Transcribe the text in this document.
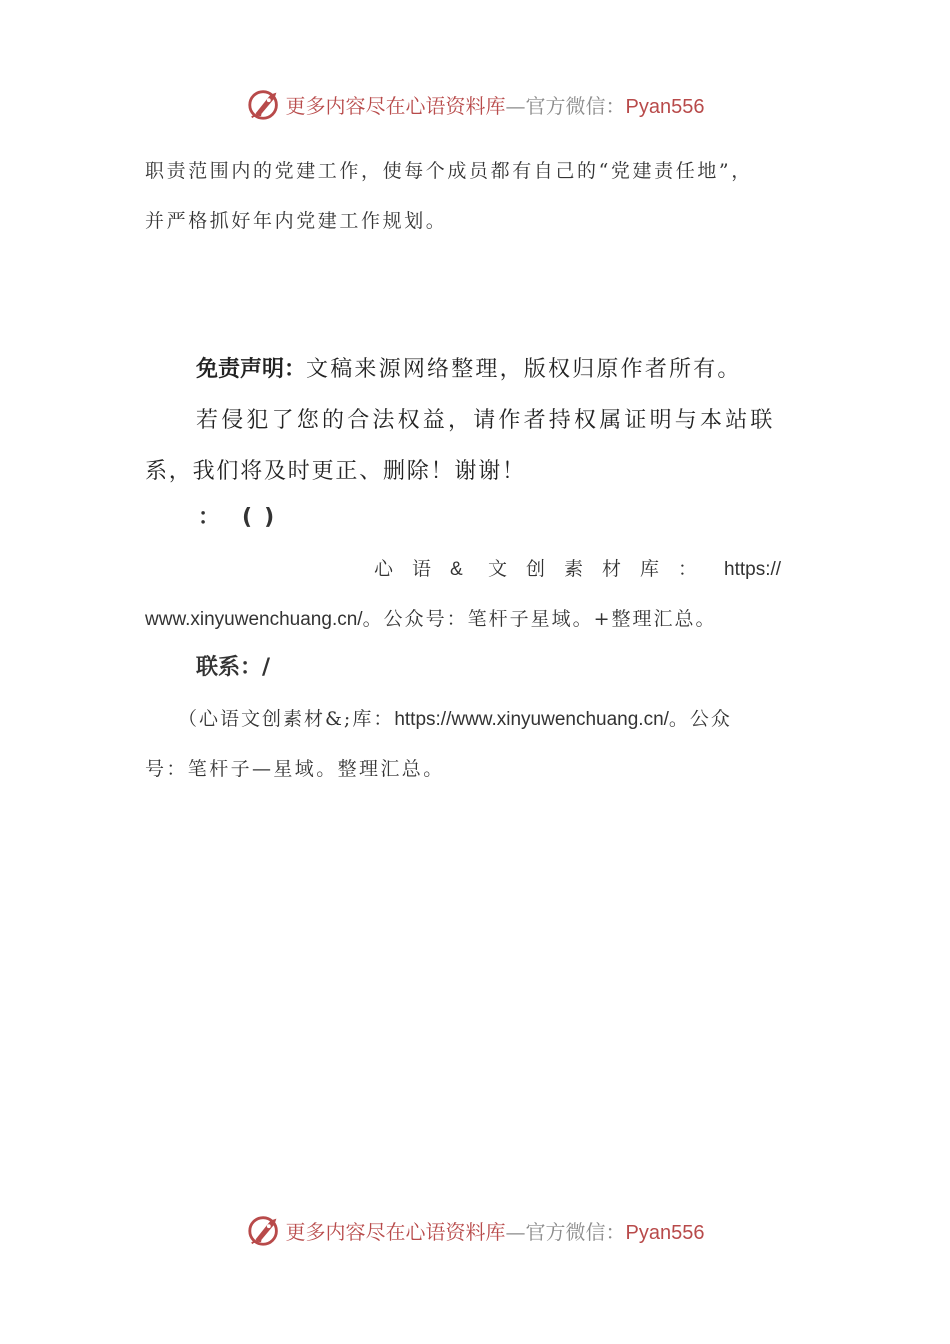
更多内容尽在心语资料库—官方微信：Pyan556
职责范围内的党建工作，使每个成员都有自己的“党建责任地”，
并严格抓好年内党建工作规划。
免责声明：文稿来源网络整理，版权归原作者所有。
若侵犯了您的合法权益，请作者持权属证明与本站联
系，我们将及时更正、删除！谢谢！
： ( )
心 语 & 文 创 素 材 库 ： https://
www.xinyuwenchuang.cn/。公众号：笔杆子星域。+整理汇总。
联系：/
（心语文创素材&;库：https://www.xinyuwenchuang.cn/。公众
号：笔杆子—星域。整理汇总。
更多内容尽在心语资料库—官方微信：Pyan556
